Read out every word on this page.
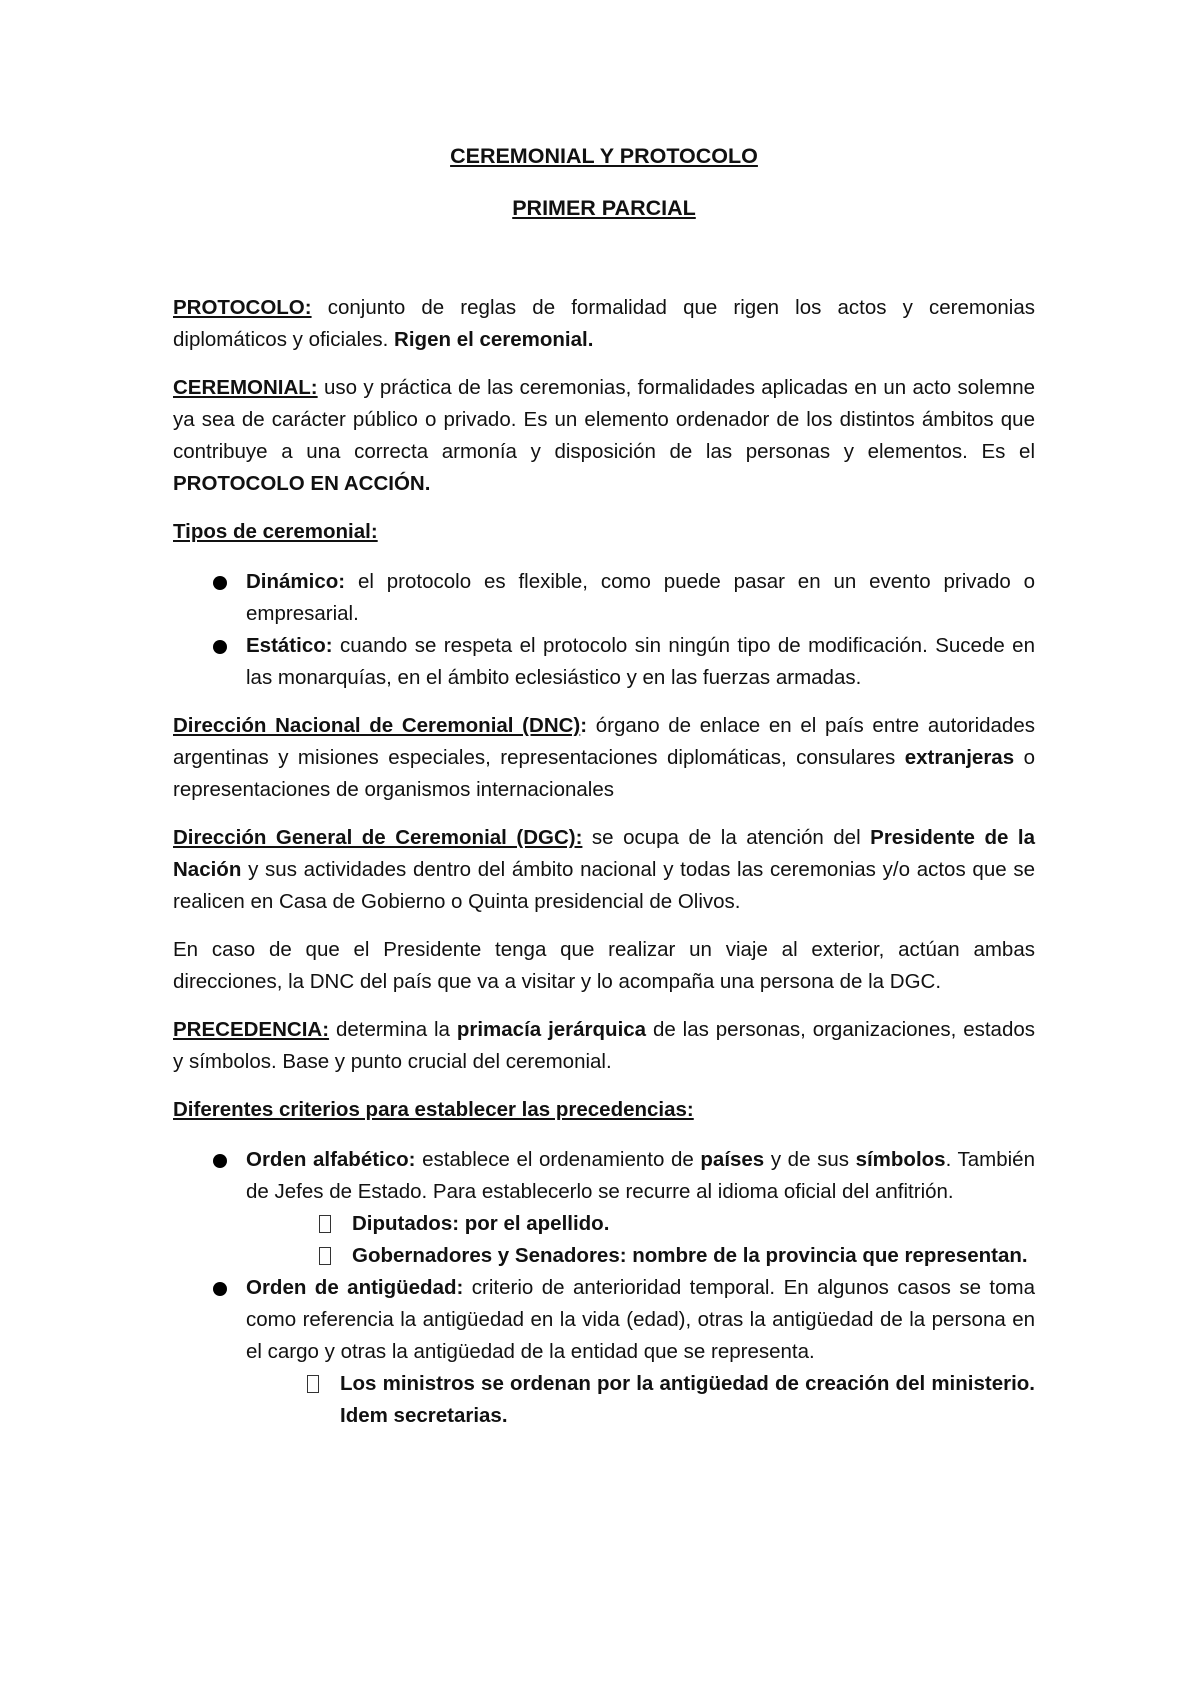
CEREMONIAL Y PROTOCOLO

PRIMER PARCIAL

PROTOCOLO: conjunto de reglas de formalidad que rigen los actos y ceremonias diplomáticos y oficiales. Rigen el ceremonial.

CEREMONIAL: uso y práctica de las ceremonias, formalidades aplicadas en un acto solemne ya sea de carácter público o privado. Es un elemento ordenador de los distintos ámbitos que contribuye a una correcta armonía y disposición de las personas y elementos. Es el PROTOCOLO EN ACCIÓN.

Tipos de ceremonial:

Dinámico: el protocolo es flexible, como puede pasar en un evento privado o empresarial.
Estático: cuando se respeta el protocolo sin ningún tipo de modificación. Sucede en las monarquías, en el ámbito eclesiástico y en las fuerzas armadas.

Dirección Nacional de Ceremonial (DNC): órgano de enlace en el país entre autoridades argentinas y misiones especiales, representaciones diplomáticas, consulares extranjeras o representaciones de organismos internacionales

Dirección General de Ceremonial (DGC): se ocupa de la atención del Presidente de la Nación y sus actividades dentro del ámbito nacional y todas las ceremonias y/o actos que se realicen en Casa de Gobierno o Quinta presidencial de Olivos.

En caso de que el Presidente tenga que realizar un viaje al exterior, actúan ambas direcciones, la DNC del país que va a visitar y lo acompaña una persona de la DGC.

PRECEDENCIA: determina la primacía jerárquica de las personas, organizaciones, estados y símbolos. Base y punto crucial del ceremonial.

Diferentes criterios para establecer las precedencias:

Orden alfabético: establece el ordenamiento de países y de sus símbolos. También de Jefes de Estado. Para establecerlo se recurre al idioma oficial del anfitrión.
Diputados: por el apellido.
Gobernadores y Senadores: nombre de la provincia que representan.
Orden de antigüedad: criterio de anterioridad temporal. En algunos casos se toma como referencia la antigüedad en la vida (edad), otras la antigüedad de la persona en el cargo y otras la antigüedad de la entidad que se representa.
Los ministros se ordenan por la antigüedad de creación del ministerio. Idem secretarias.
